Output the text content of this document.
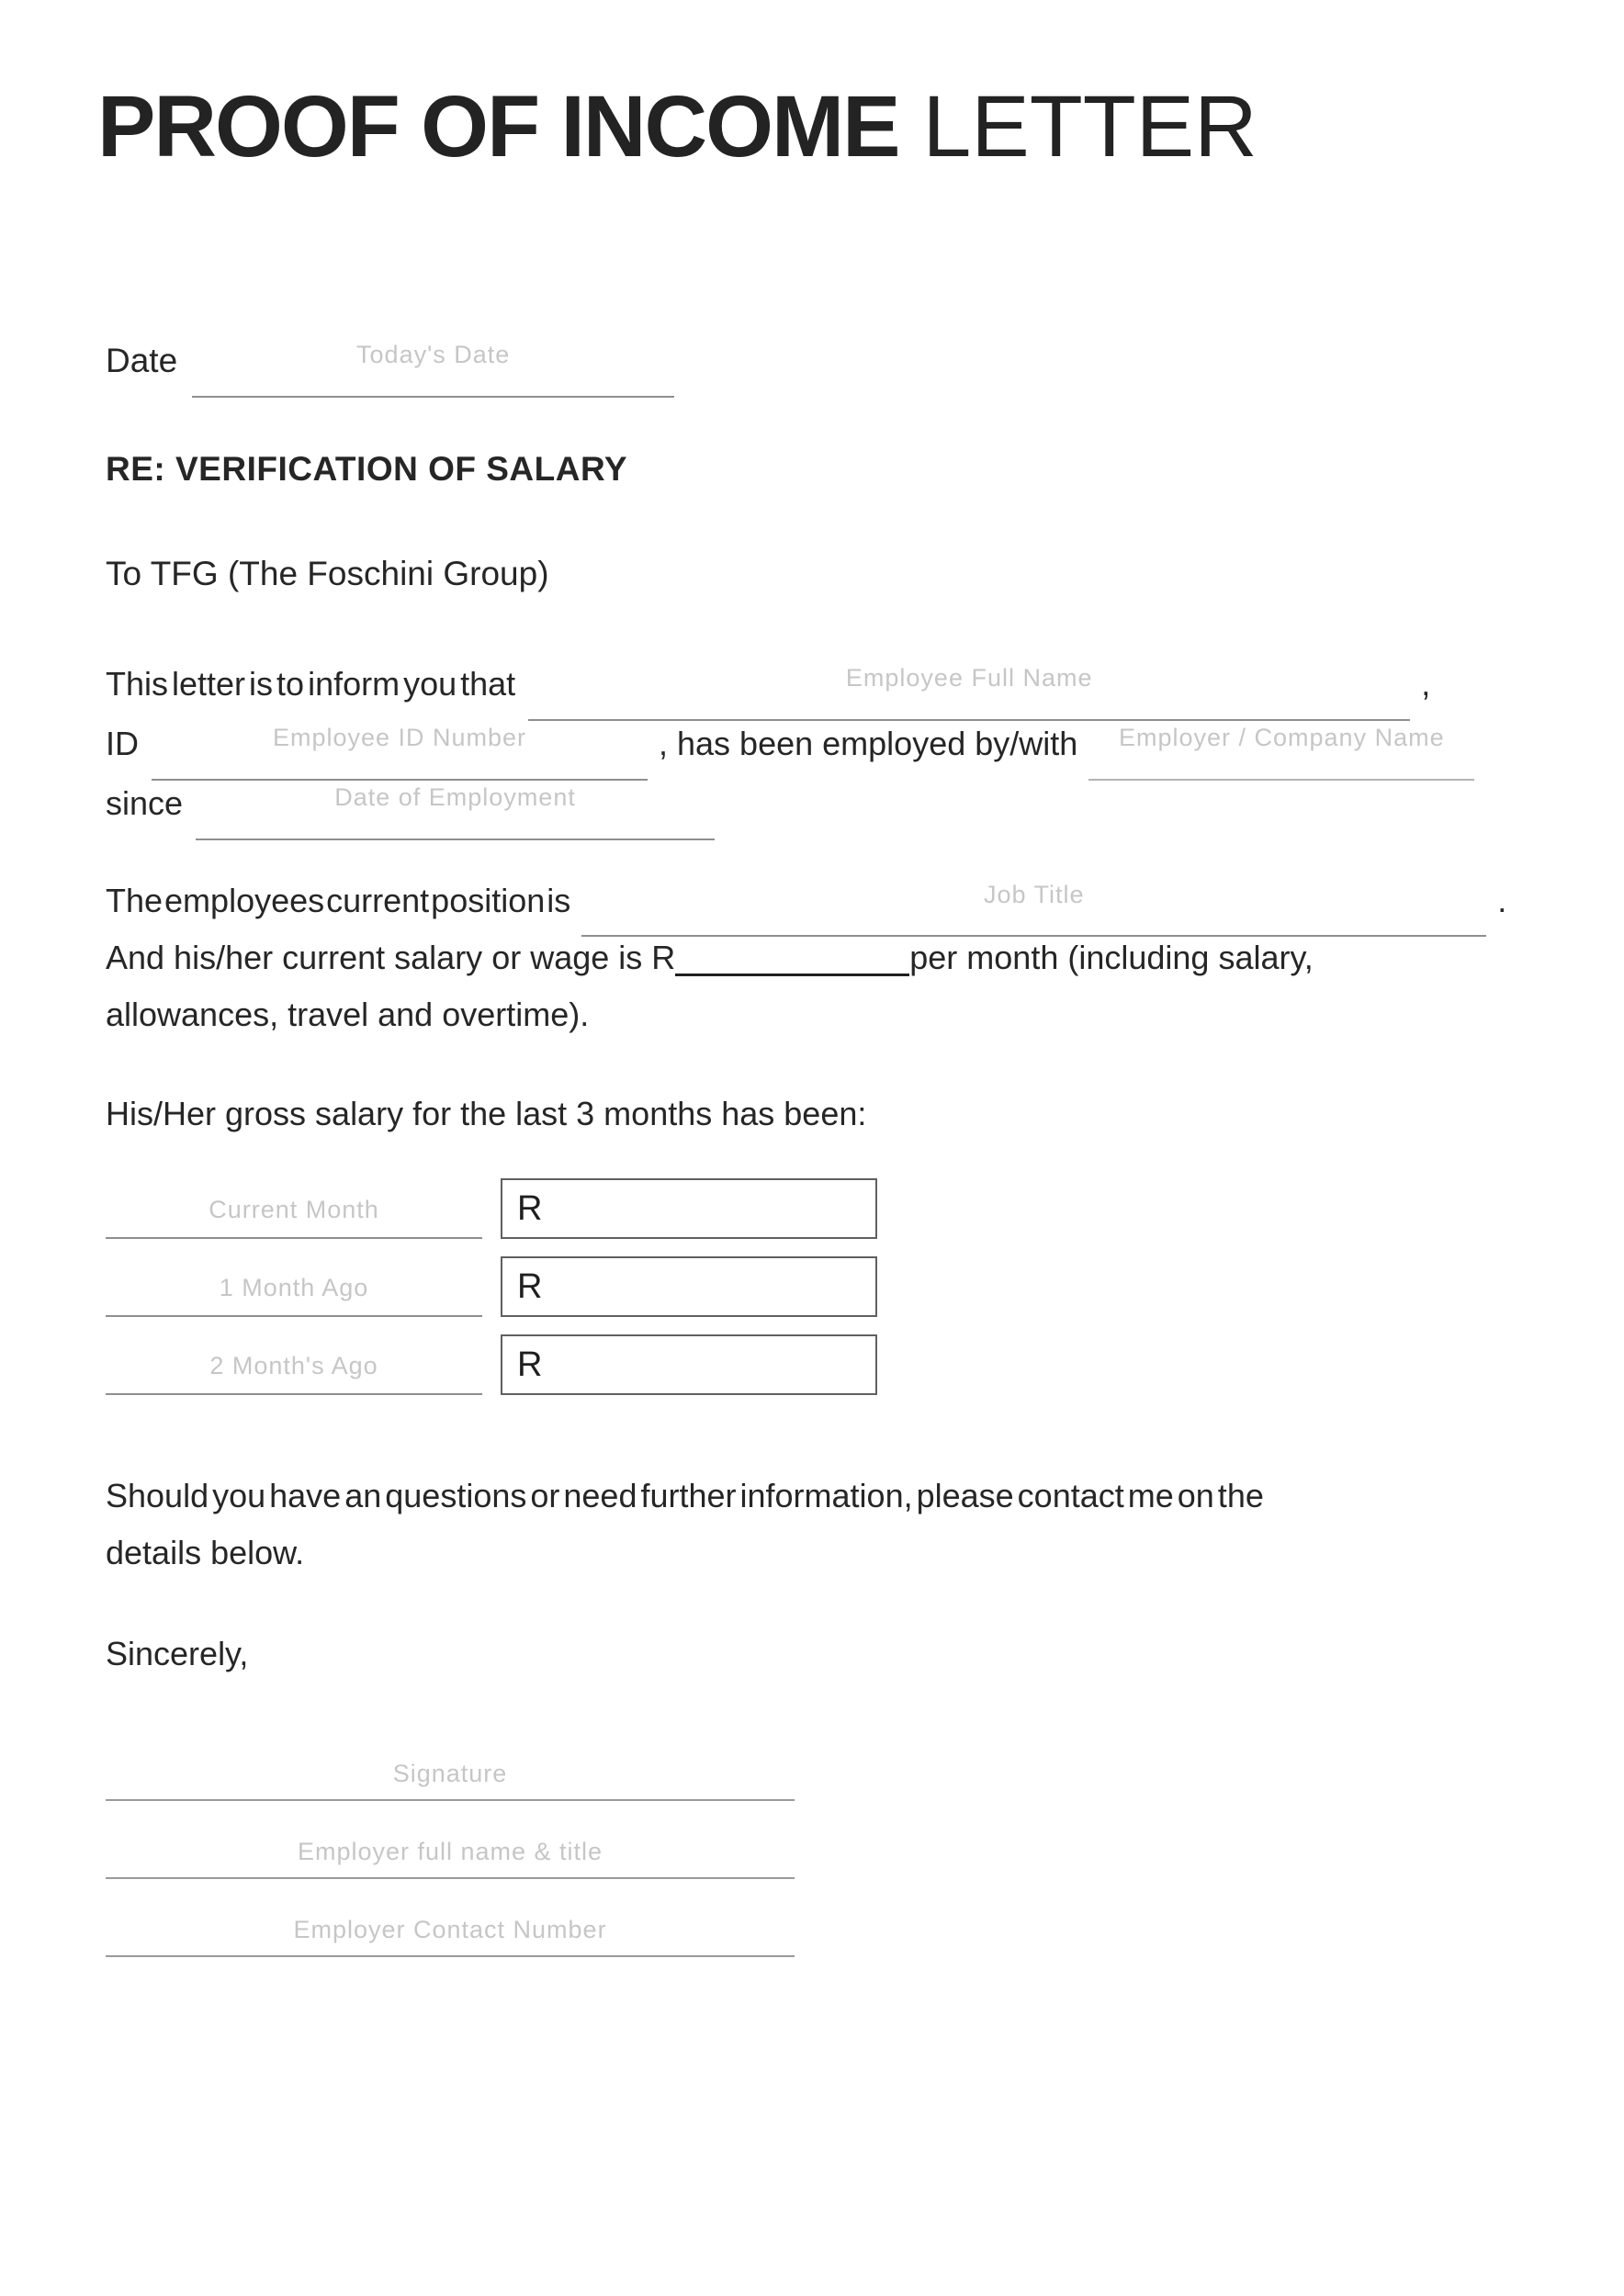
PROOF OF INCOME LETTER
Date	Today's Date
RE: VERIFICATION OF SALARY
To TFG (The Foschini Group)
This letter is to inform you that	Employee Full Name	,
ID	Employee ID Number	, has been employed by/with Employer / Company Name
since	Date of Employment
The employees current position is	Job Title	.
And his/her current salary or wage is R	per month (including salary,
allowances, travel and overtime).
His/Her gross salary for the last 3 months has been:
Current Month	R
1 Month Ago	R
2 Month's Ago	R
Should you have an questions or need further information, please contact me on the
details below.
Sincerely,
Signature
Employer full name & title
Employer Contact Number
